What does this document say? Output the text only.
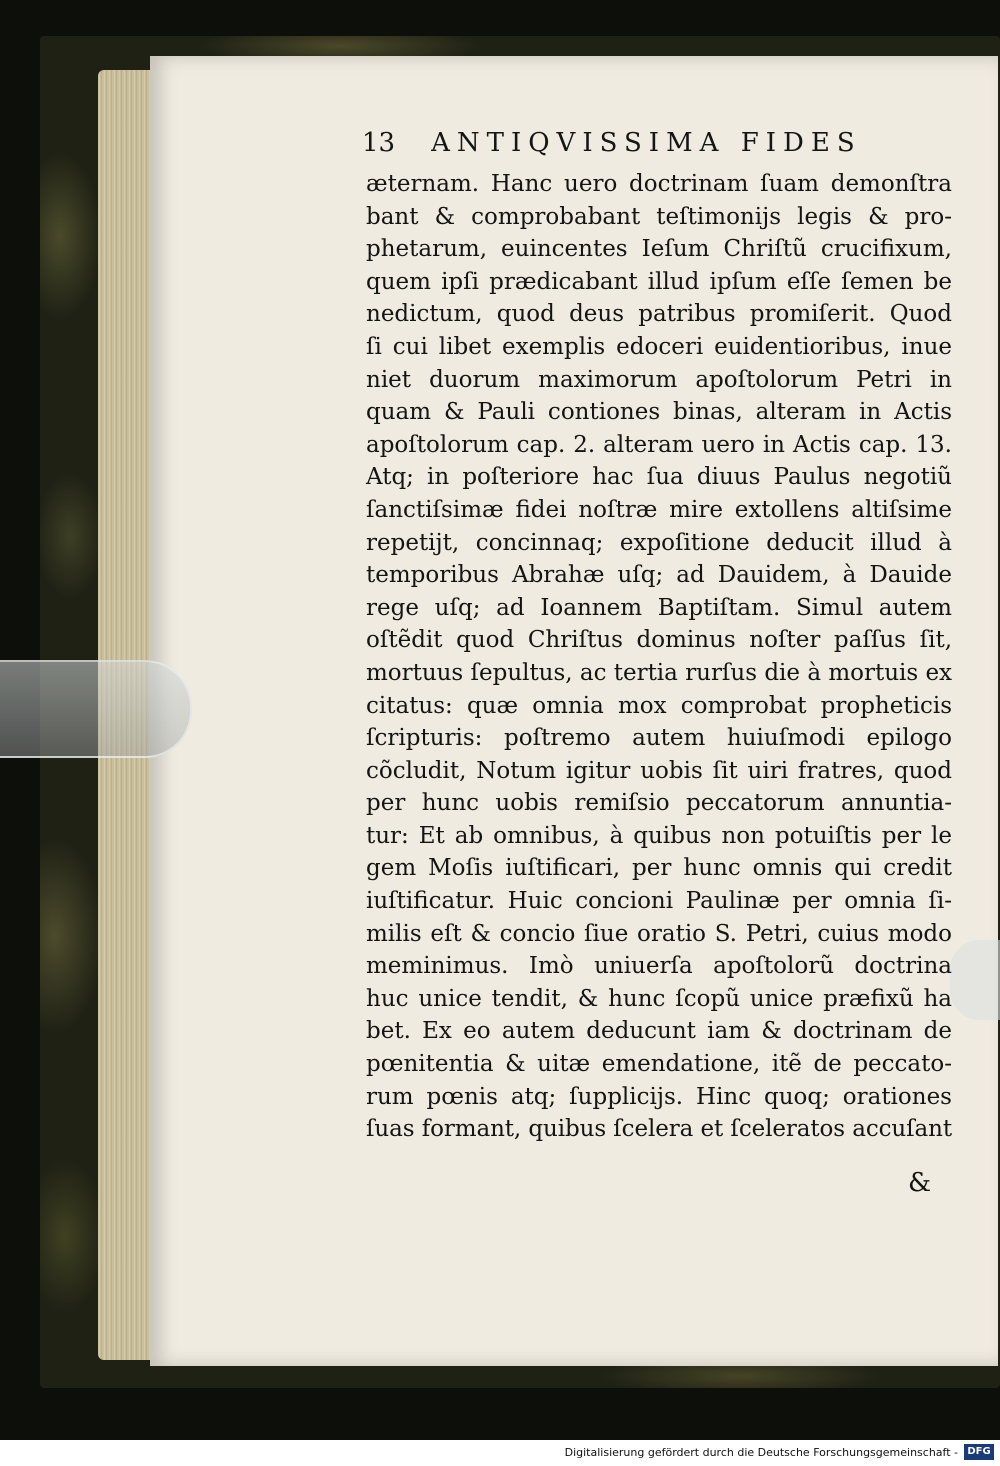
13 ANTIQVISSIMA FIDES
æternam. Hanc uero doctrinam ſuam demonſtra
bant & comprobabant teſtimonijs legis & pro-
phetarum, euincentes Ieſum Chriſtũ crucifixum,
quem ipſi prædicabant illud ipſum eſſe ſemen be
nedictum, quod deus patribus promiſerit. Quod
ſi cui libet exemplis edoceri euidentioribus, inue
niet duorum maximorum apoſtolorum Petri in
quam & Pauli contiones binas, alteram in Actis
apoſtolorum cap. 2. alteram uero in Actis cap. 13.
Atq; in poſteriore hac ſua diuus Paulus negotiũ
ſanctiſsimæ fidei noſtræ mire extollens altiſsime
repetijt, concinnaq; expoſitione deducit illud à
temporibus Abrahæ uſq; ad Dauidem, à Dauide
rege uſq; ad Ioannem Baptiſtam. Simul autem
oſtẽdit quod Chriſtus dominus noſter paſſus ſit,
mortuus ſepultus, ac tertia rurſus die à mortuis ex
citatus: quæ omnia mox comprobat propheticis
ſcripturis: poſtremo autem huiuſmodi epilogo
cõcludit, Notum igitur uobis ſit uiri fratres, quod
per hunc uobis remiſsio peccatorum annuntia-
tur: Et ab omnibus, à quibus non potuiſtis per le
gem Moſis iuſtificari, per hunc omnis qui credit
iuſtificatur. Huic concioni Paulinæ per omnia ſi-
milis eſt & concio ſiue oratio S. Petri, cuius modo
meminimus. Imò uniuerſa apoſtolorũ doctrina
huc unice tendit, & hunc ſcopũ unice præfixũ ha
bet. Ex eo autem deducunt iam & doctrinam de
pœnitentia & uitæ emendatione, itẽ de peccato-
rum pœnis atq; ſupplicijs. Hinc quoq; orationes
ſuas formant, quibus ſcelera et ſceleratos accuſant
&
Digitalisierung gefördert durch die Deutsche Forschungsgemeinschaft - DFG
